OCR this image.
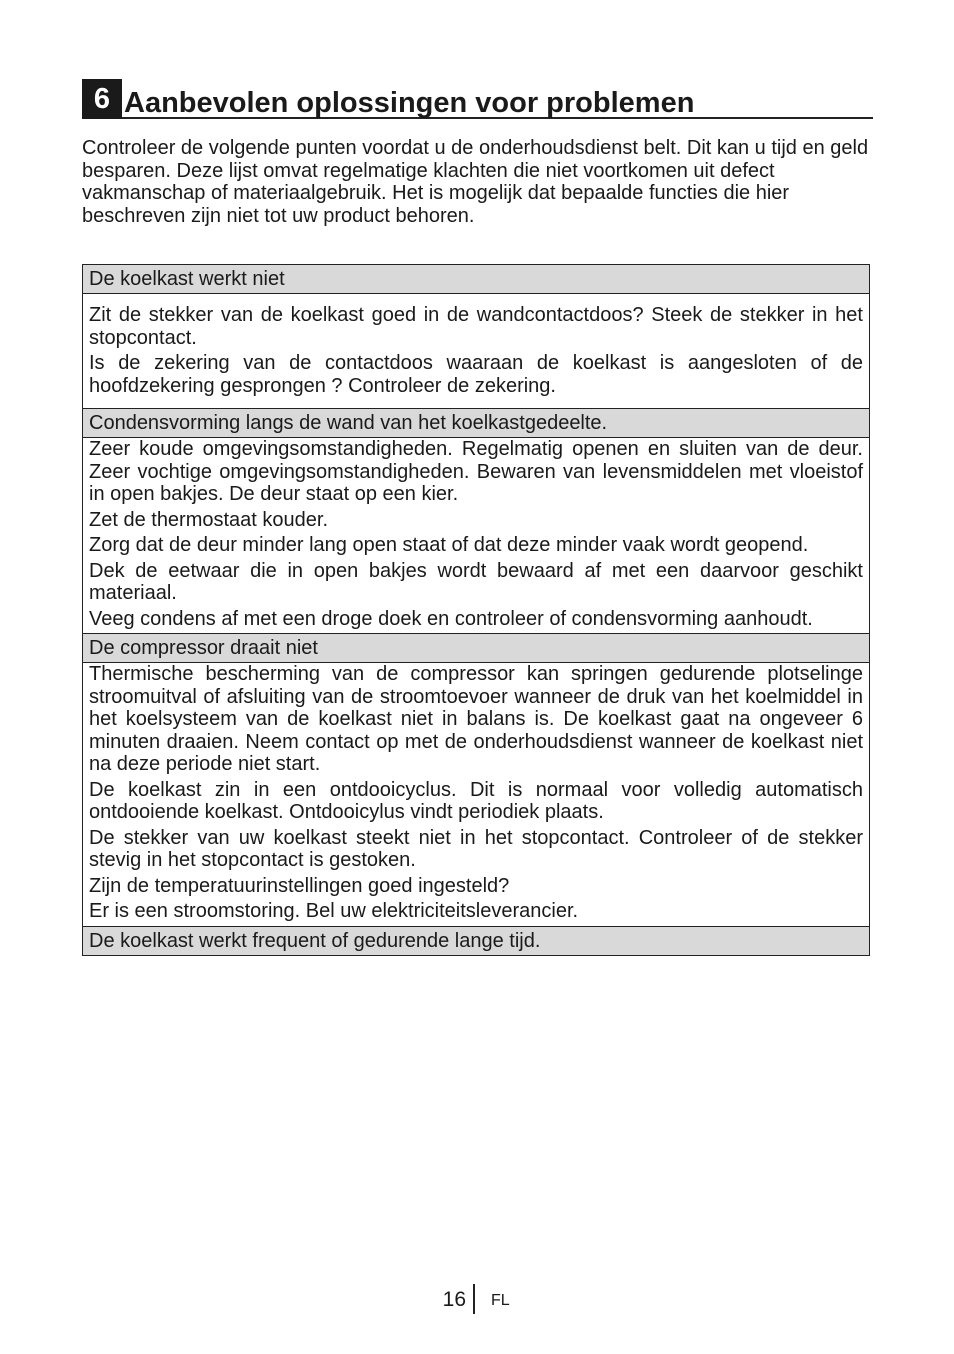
6 Aanbevolen oplossingen voor problemen

Controleer de volgende punten voordat u de onderhoudsdienst belt. Dit kan u tijd en geld besparen. Deze lijst omvat regelmatige klachten die niet voortkomen uit defect vakmanschap of materiaalgebruik. Het is mogelijk dat bepaalde functies die hier beschreven zijn niet tot uw product behoren.

De koelkast werkt niet

Zit de stekker van de koelkast goed in de wandcontactdoos? Steek de stekker in het stopcontact.

Is de zekering van de contactdoos waaraan de koelkast is aangesloten of de hoofdzekering gesprongen ? Controleer de zekering.

Condensvorming langs de wand van het koelkastgedeelte.

Zeer koude omgevingsomstandigheden. Regelmatig openen en sluiten van de deur. Zeer vochtige omgevingsomstandigheden. Bewaren van levensmiddelen met vloeistof in open bakjes. De deur staat op een kier.

Zet de thermostaat kouder.

Zorg dat de deur minder lang open staat of dat deze minder vaak wordt geopend.

Dek de eetwaar die in open bakjes wordt bewaard af met een daarvoor geschikt materiaal.

Veeg condens af met een droge doek en controleer of condensvorming aanhoudt.

De compressor draait niet

Thermische bescherming van de compressor kan springen gedurende plotselinge stroomuitval of afsluiting van de stroomtoevoer wanneer de druk van het koelmiddel in het koelsysteem van de koelkast niet in balans is. De koelkast gaat na ongeveer 6 minuten draaien. Neem contact op met de onderhoudsdienst wanneer de koelkast niet na deze periode niet start.

De koelkast zin in een ontdooicyclus. Dit is normaal voor volledig automatisch ontdooiende koelkast. Ontdooicylus vindt periodiek plaats.

De stekker van uw koelkast steekt niet in het stopcontact. Controleer of de stekker stevig in het stopcontact is gestoken.

Zijn de temperatuurinstellingen goed ingesteld?

Er is een stroomstoring. Bel uw elektriciteitsleverancier.

De koelkast werkt frequent of gedurende lange tijd.
16 FL
